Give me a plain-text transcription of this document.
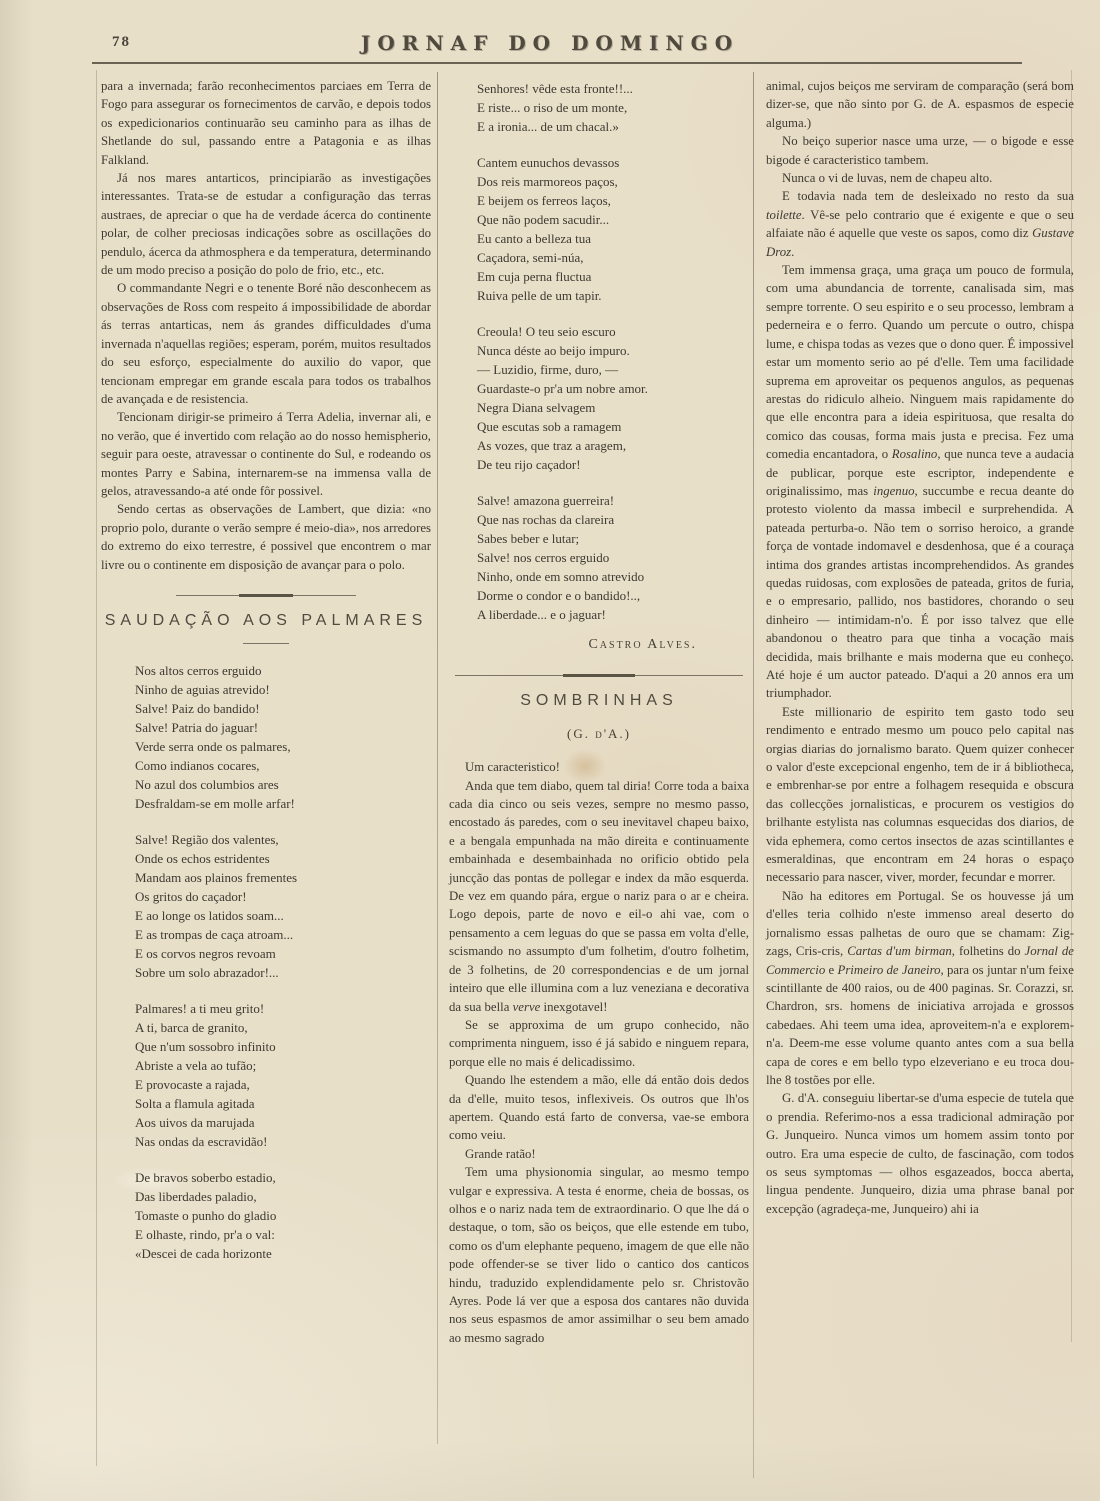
78	JORNAF DO DOMINGO

para a invernada; farão reconhecimentos parciaes em Terra de Fogo para assegurar os fornecimentos de carvão, e depois todos os expedicionarios continuarão seu caminho para as ilhas de Shetlande do sul, passando entre a Patagonia e as ilhas Falkland.

Já nos mares antarticos, principiarão as investigações interessantes. Trata-se de estudar a configuração das terras austraes, de apreciar o que ha de verdade ácerca do continente polar, de colher preciosas indicações sobre as oscillações do pendulo, ácerca da athmosphera e da temperatura, determinando de um modo preciso a posição do polo de frio, etc., etc.

O commandante Negri e o tenente Boré não desconhecem as observações de Ross com respeito á impossibilidade de abordar ás terras antarticas, nem ás grandes difficuldades d'uma invernada n'aquellas regiões; esperam, porém, muitos resultados do seu esforço, especialmente do auxilio do vapor, que tencionam empregar em grande escala para todos os trabalhos de avançada e de resistencia.

Tencionam dirigir-se primeiro á Terra Adelia, invernar ali, e no verão, que é invertido com relação ao do nosso hemispherio, seguir para oeste, atravessar o continente do Sul, e rodeando os montes Parry e Sabina, internarem-se na immensa valla de gelos, atravessando-a até onde fôr possivel.

Sendo certas as observações de Lambert, que dizia: «no proprio polo, durante o verão sempre é meio-dia», nos arredores do extremo do eixo terrestre, é possivel que encontrem o mar livre ou o continente em disposição de avançar para o polo.

SAUDAÇÃO AOS PALMARES
Nos altos cerros erguido
Ninho de aguias atrevido!
Salve! Paiz do bandido!
Salve! Patria do jaguar!
Verde serra onde os palmares,
Como indianos cocares,
No azul dos columbios ares
Desfraldam-se em molle arfar!
Salve! Região dos valentes,
Onde os echos estridentes
Mandam aos plainos frementes
Os gritos do caçador!
E ao longe os latidos soam...
E as trompas de caça atroam...
E os corvos negros revoam
Sobre um solo abrazador!...
Palmares! a ti meu grito!
A ti, barca de granito,
Que n'um sossobro infinito
Abriste a vela ao tufão;
E provocaste a rajada,
Solta a flamula agitada
Aos uivos da marujada
Nas ondas da escravidão!
De bravos soberbo estadio,
Das liberdades paladio,
Tomaste o punho do gladio
E olhaste, rindo, pr'a o val:
«Descei de cada horizonte
Senhores! vêde esta fronte!!...
E riste... o riso de um monte,
E a ironia... de um chacal.»
Cantem eunuchos devassos
Dos reis marmoreos paços,
E beijem os ferreos laços,
Que não podem sacudir...
Eu canto a belleza tua
Caçadora, semi-núa,
Em cuja perna fluctua
Ruiva pelle de um tapir.
Creoula! O teu seio escuro
Nunca déste ao beijo impuro.
— Luzidio, firme, duro, —
Guardaste-o pr'a um nobre amor.
Negra Diana selvagem
Que escutas sob a ramagem
As vozes, que traz a aragem,
De teu rijo caçador!
Salve! amazona guerreira!
Que nas rochas da clareira
Sabes beber e lutar;
Salve! nos cerros erguido
Ninho, onde em somno atrevido
Dorme o condor e o bandido!..,
A liberdade... e o jaguar!
Castro Alves.
SOMBRINHAS
(G. d'A.)

Um caracteristico!

Anda que tem diabo, quem tal diria! Corre toda a baixa cada dia cinco ou seis vezes, sempre no mesmo passo, encostado ás paredes, com o seu inevitavel chapeu baixo, e a bengala empunhada na mão direita e continuamente embainhada e desembainhada no orificio obtido pela juncção das pontas de pollegar e index da mão esquerda. De vez em quando pára, ergue o nariz para o ar e cheira. Logo depois, parte de novo e eil-o ahi vae, com o pensamento a cem leguas do que se passa em volta d'elle, scismando no assumpto d'um folhetim, d'outro folhetim, de 3 folhetins, de 20 correspondencias e de um jornal inteiro que elle illumina com a luz veneziana e decorativa da sua bella verve inexgotavel!

Se se approxima de um grupo conhecido, não comprimenta ninguem, isso é já sabido e ninguem repara, porque elle no mais é delicadissimo.

Quando lhe estendem a mão, elle dá então dois dedos da d'elle, muito tesos, inflexiveis. Os outros que lh'os apertem. Quando está farto de conversa, vae-se embora como veiu.

Grande ratão!

Tem uma physionomia singular, ao mesmo tempo vulgar e expressiva. A testa é enorme, cheia de bossas, os olhos e o nariz nada tem de extraordinario. O que lhe dá o destaque, o tom, são os beiços, que elle estende em tubo, como os d'um elephante pequeno, imagem de que elle não pode offender-se se tiver lido o cantico dos canticos hindu, traduzido explendidamente pelo sr. Christovão Ayres. Pode lá ver que a esposa dos cantares não duvida nos seus espasmos de amor assimilhar o seu bem amado ao mesmo sagrado

animal, cujos beiços me serviram de comparação (será bom dizer-se, que não sinto por G. de A. espasmos de especie alguma.)

No beiço superior nasce uma urze, — o bigode e esse bigode é caracteristico tambem.

Nunca o vi de luvas, nem de chapeu alto.

E todavia nada tem de desleixado no resto da sua toilette. Vê-se pelo contrario que é exigente e que o seu alfaiate não é aquelle que veste os sapos, como diz Gustave Droz.

Tem immensa graça, uma graça um pouco de formula, com uma abundancia de torrente, canalisada sim, mas sempre torrente. O seu espirito e o seu processo, lembram a pederneira e o ferro. Quando um percute o outro, chispa lume, e chispa todas as vezes que o dono quer. É impossivel estar um momento serio ao pé d'elle. Tem uma facilidade suprema em aproveitar os pequenos angulos, as pequenas arestas do ridiculo alheio. Ninguem mais rapidamente do que elle encontra para a ideia espirituosa, que resalta do comico das cousas, forma mais justa e precisa. Fez uma comedia encantadora, o Rosalino, que nunca teve a audacia de publicar, porque este escriptor, independente e originalissimo, mas ingenuo, succumbe e recua deante do protesto violento da massa imbecil e surprehendida. A pateada perturba-o. Não tem o sorriso heroico, a grande força de vontade indomavel e desdenhosa, que é a couraça intima dos grandes artistas incomprehendidos. As grandes quedas ruidosas, com explosões de pateada, gritos de furia, e o empresario, pallido, nos bastidores, chorando o seu dinheiro — intimidam-n'o. É por isso talvez que elle abandonou o theatro para que tinha a vocação mais decidida, mais brilhante e mais moderna que eu conheço. Até hoje é um auctor pateado. D'aqui a 20 annos era um triumphador.

Este millionario de espirito tem gasto todo seu rendimento e entrado mesmo um pouco pelo capital nas orgias diarias do jornalismo barato. Quem quizer conhecer o valor d'este excepcional engenho, tem de ir á bibliotheca, e embrenhar-se por entre a folhagem resequida e obscura das collecções jornalisticas, e procurem os vestigios do brilhante estylista nas columnas esquecidas dos diarios, de vida ephemera, como certos insectos de azas scintillantes e esmeraldinas, que encontram em 24 horas o espaço necessario para nascer, viver, morder, fecundar e morrer.

Não ha editores em Portugal. Se os houvesse já um d'elles teria colhido n'este immenso areal deserto do jornalismo essas palhetas de ouro que se chamam: Zig-zags, Cris-cris, Cartas d'um birman, folhetins do Jornal de Commercio e Primeiro de Janeiro, para os juntar n'um feixe scintillante de 400 raios, ou de 400 paginas. Sr. Corazzi, sr. Chardron, srs. homens de iniciativa arrojada e grossos cabedaes. Ahi teem uma idea, aproveitem-n'a e explorem-n'a. Deem-me esse volume quanto antes com a sua bella capa de cores e em bello typo elzeveriano e eu troca dou-lhe 8 tostões por elle.

G. d'A. conseguiu libertar-se d'uma especie de tutela que o prendia. Referimo-nos a essa tradicional admiração por G. Junqueiro. Nunca vimos um homem assim tonto por outro. Era uma especie de culto, de fascinação, com todos os seus symptomas — olhos esgazeados, bocca aberta, lingua pendente. Junqueiro, dizia uma phrase banal por excepção (agradeça-me, Junqueiro) ahi ia
